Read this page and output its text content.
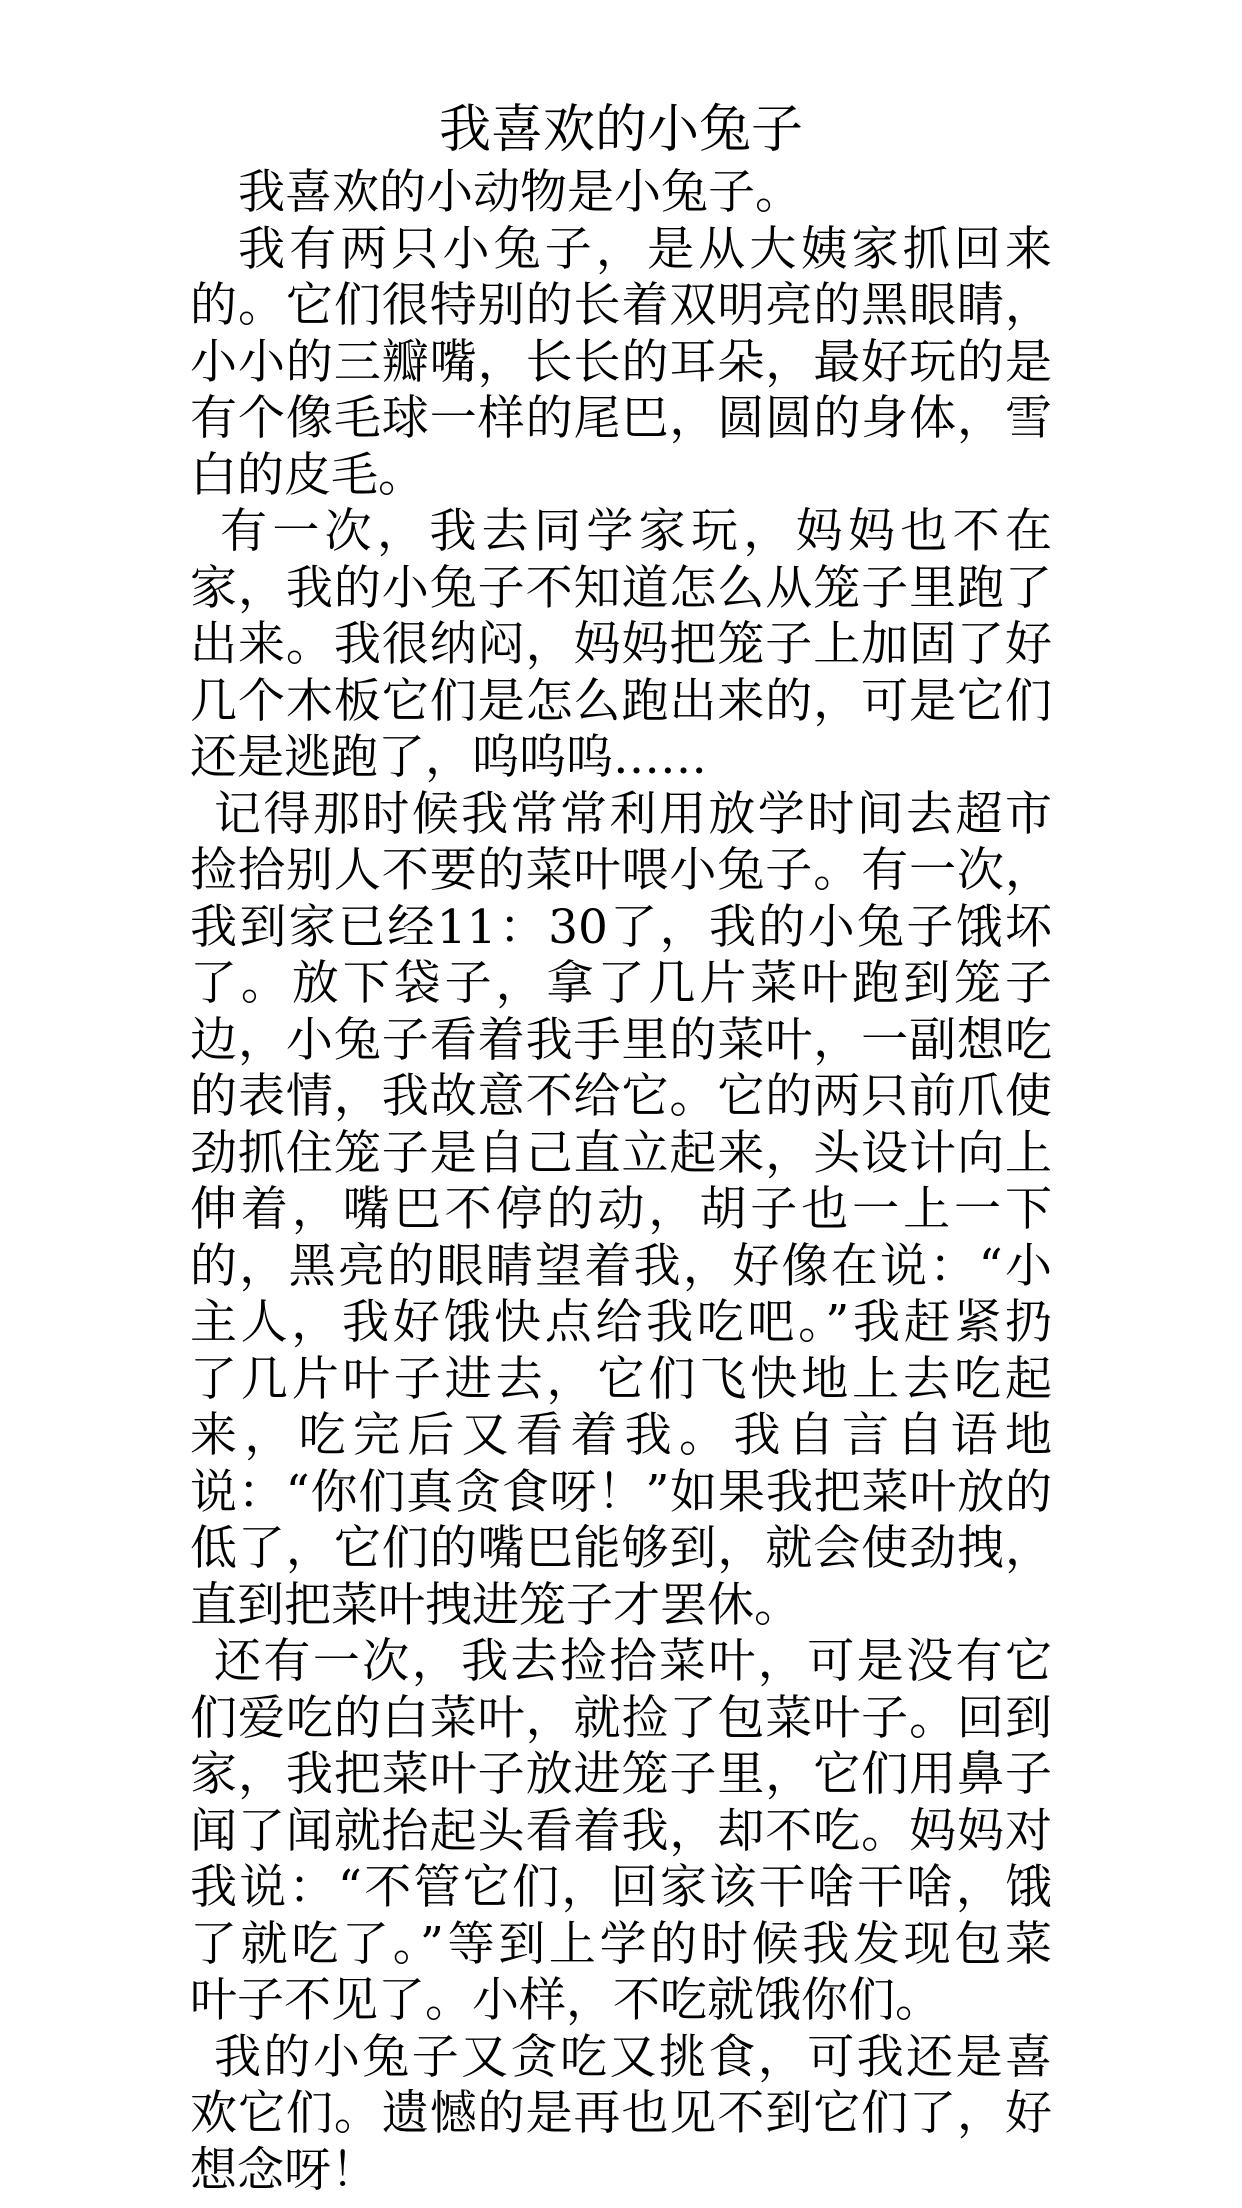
我喜欢的小兔子
我喜欢的小动物是小兔子。
我有两只小兔子，是从大姨家抓回来
的。它们很特别的长着双明亮的黑眼睛，
小小的三瓣嘴，长长的耳朵，最好玩的是
有个像毛球一样的尾巴，圆圆的身体，雪
白的皮毛。
有一次，我去同学家玩，妈妈也不在
家，我的小兔子不知道怎么从笼子里跑了
出来。我很纳闷，妈妈把笼子上加固了好
几个木板它们是怎么跑出来的，可是它们
还是逃跑了，呜呜呜……
记得那时候我常常利用放学时间去超市
捡拾别人不要的菜叶喂小兔子。有一次，
我到家已经11：30了，我的小兔子饿坏
了。放下袋子，拿了几片菜叶跑到笼子
边，小兔子看着我手里的菜叶，一副想吃
的表情，我故意不给它。它的两只前爪使
劲抓住笼子是自己直立起来，头设计向上
伸着，嘴巴不停的动，胡子也一上一下
的，黑亮的眼睛望着我，好像在说：“小
主人，我好饿快点给我吃吧。”我赶紧扔
了几片叶子进去，它们飞快地上去吃起
来，吃完后又看着我。我自言自语地
说：“你们真贪食呀！”如果我把菜叶放的
低了，它们的嘴巴能够到，就会使劲拽，
直到把菜叶拽进笼子才罢休。
还有一次，我去捡拾菜叶，可是没有它
们爱吃的白菜叶，就捡了包菜叶子。回到
家，我把菜叶子放进笼子里，它们用鼻子
闻了闻就抬起头看着我，却不吃。妈妈对
我说：“不管它们，回家该干啥干啥，饿
了就吃了。”等到上学的时候我发现包菜
叶子不见了。小样，不吃就饿你们。
我的小兔子又贪吃又挑食，可我还是喜
欢它们。遗憾的是再也见不到它们了，好
想念呀！
